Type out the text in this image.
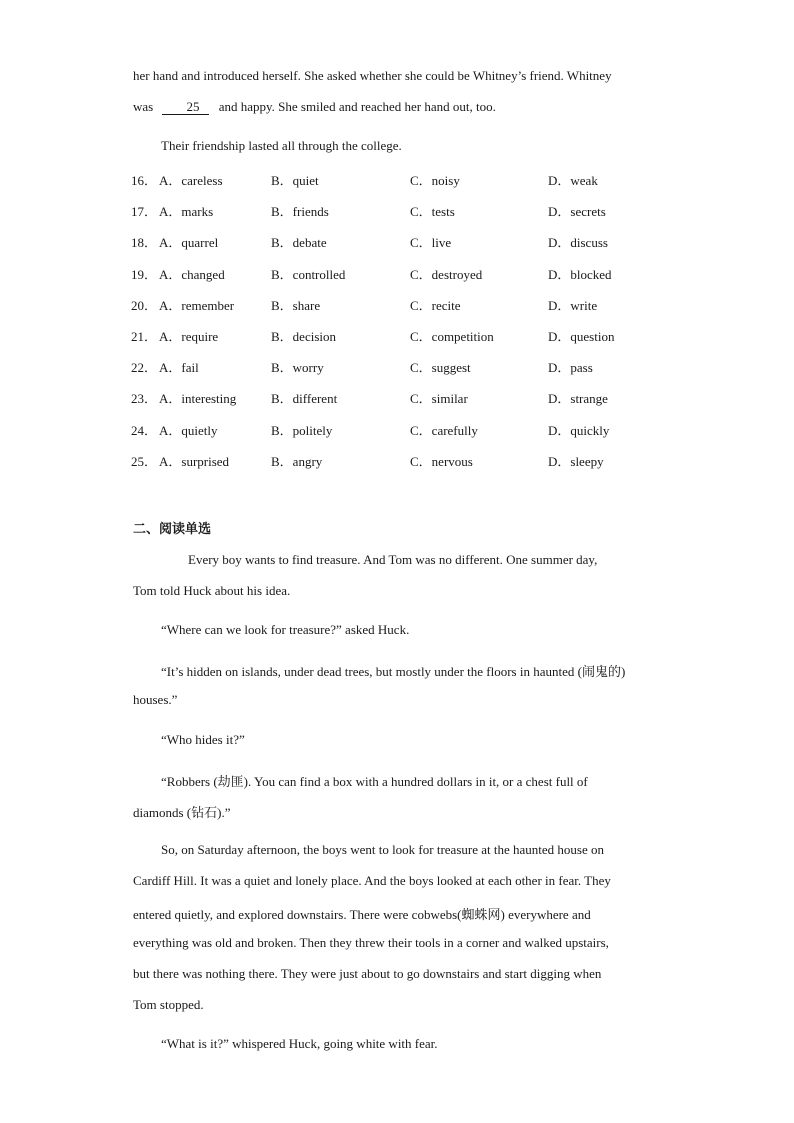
her hand and introduced herself. She asked whether she could be Whitney’s friend. Whitney
was	25 and happy. She smiled and reached her hand out, too.
Their friendship lasted all through the college.
16． A．careless	B．quiet	C．noisy	D．weak
17． A．marks	B．friends	C．tests	D．secrets
18． A．quarrel	B．debate	C．live	D．discuss
19． A．changed	B．controlled	C．destroyed	D．blocked
20． A．remember	B．share	C．recite	D．write
21． A．require	B．decision	C．competition	D．question
22． A．fail	B．worry	C．suggest	D．pass
23． A．interesting	B．different	C．similar	D．strange
24． A．quietly	B．politely	C．carefully	D．quickly
25． A．surprised	B．angry	C．nervous	D．sleepy
二、阅读单选
Every boy wants to find treasure. And Tom was no different. One summer day,
Tom told Huck about his idea.
“Where can we look for treasure?” asked Huck.
“It’s hidden on islands, under dead trees, but mostly under the floors in haunted (闹鬼的)
houses.”
“Who hides it?”
“Robbers (劫匪). You can find a box with a hundred dollars in it, or a chest full of
diamonds (钻石).”
So, on Saturday afternoon, the boys went to look for treasure at the haunted house on
Cardiff Hill. It was a quiet and lonely place. And the boys looked at each other in fear. They
entered quietly, and explored downstairs. There were cobwebs(蜘蛛网) everywhere and
everything was old and broken. Then they threw their tools in a corner and walked upstairs,
but there was nothing there. They were just about to go downstairs and start digging when
Tom stopped.
“What is it?” whispered Huck, going white with fear.
